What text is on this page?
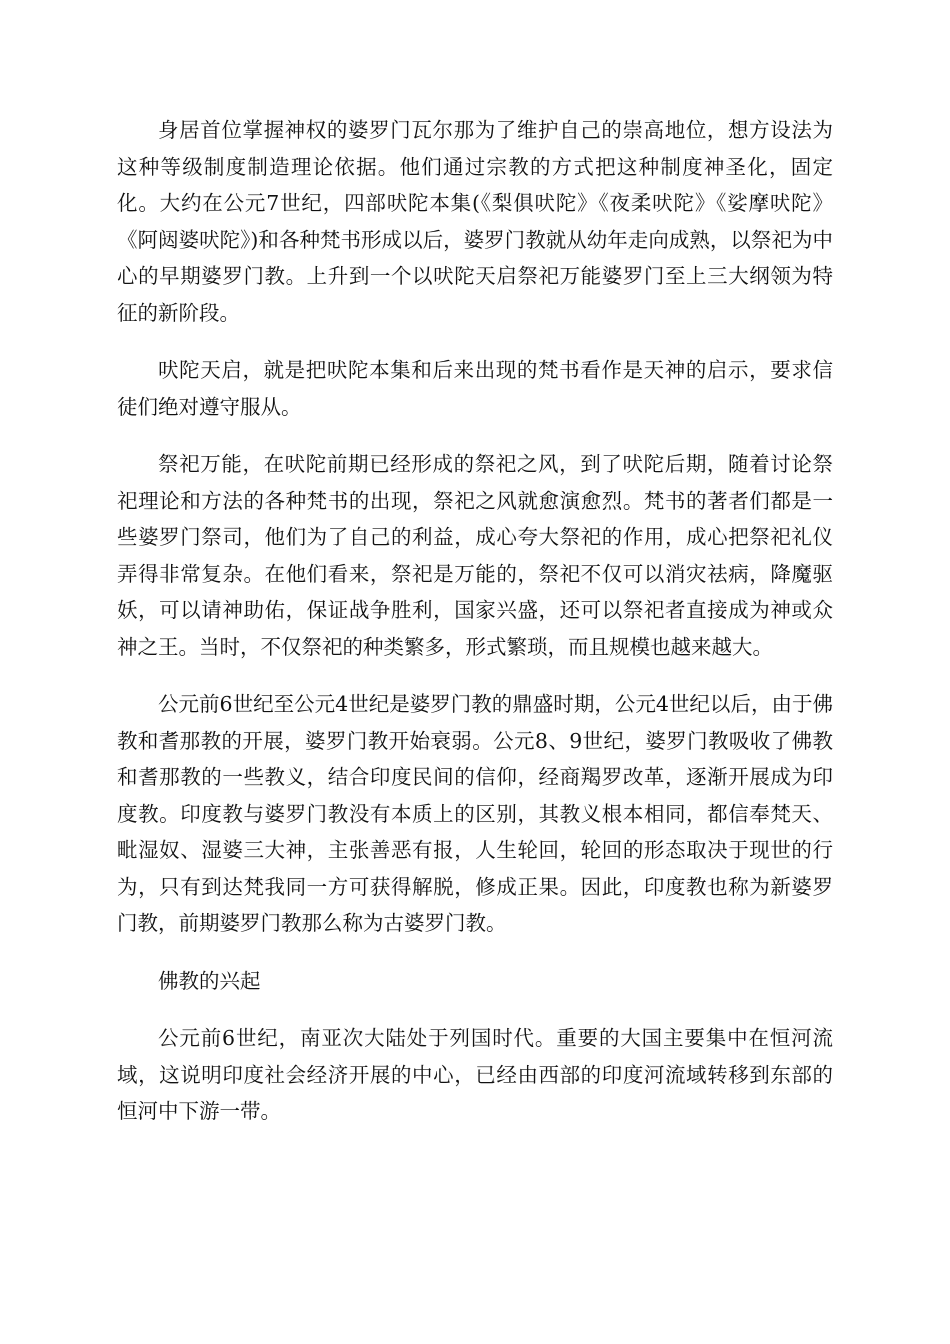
身居首位掌握神权的婆罗门瓦尔那为了维护自己的崇高地位，想方设法为这种等级制度制造理论依据。他们通过宗教的方式把这种制度神圣化，固定化。大约在公元7世纪，四部吠陀本集(《梨俱吠陀》《夜柔吠陀》《娑摩吠陀》《阿闼婆吠陀》)和各种梵书形成以后，婆罗门教就从幼年走向成熟，以祭祀为中心的早期婆罗门教。上升到一个以吠陀天启祭祀万能婆罗门至上三大纲领为特征的新阶段。

吠陀天启，就是把吠陀本集和后来出现的梵书看作是天神的启示，要求信徒们绝对遵守服从。

祭祀万能，在吠陀前期已经形成的祭祀之风，到了吠陀后期，随着讨论祭祀理论和方法的各种梵书的出现，祭祀之风就愈演愈烈。梵书的著者们都是一些婆罗门祭司，他们为了自己的利益，成心夸大祭祀的作用，成心把祭祀礼仪弄得非常复杂。在他们看来，祭祀是万能的，祭祀不仅可以消灾祛病，降魔驱妖，可以请神助佑，保证战争胜利，国家兴盛，还可以祭祀者直接成为神或众神之王。当时，不仅祭祀的种类繁多，形式繁琐，而且规模也越来越大。

公元前6世纪至公元4世纪是婆罗门教的鼎盛时期，公元4世纪以后，由于佛教和耆那教的开展，婆罗门教开始衰弱。公元8、9世纪，婆罗门教吸收了佛教和耆那教的一些教义，结合印度民间的信仰，经商羯罗改革，逐渐开展成为印度教。印度教与婆罗门教没有本质上的区别，其教义根本相同，都信奉梵天、毗湿奴、湿婆三大神，主张善恶有报，人生轮回，轮回的形态取决于现世的行为，只有到达梵我同一方可获得解脱，修成正果。因此，印度教也称为新婆罗门教，前期婆罗门教那么称为古婆罗门教。

佛教的兴起

公元前6世纪，南亚次大陆处于列国时代。重要的大国主要集中在恒河流域，这说明印度社会经济开展的中心，已经由西部的印度河流域转移到东部的恒河中下游一带。
